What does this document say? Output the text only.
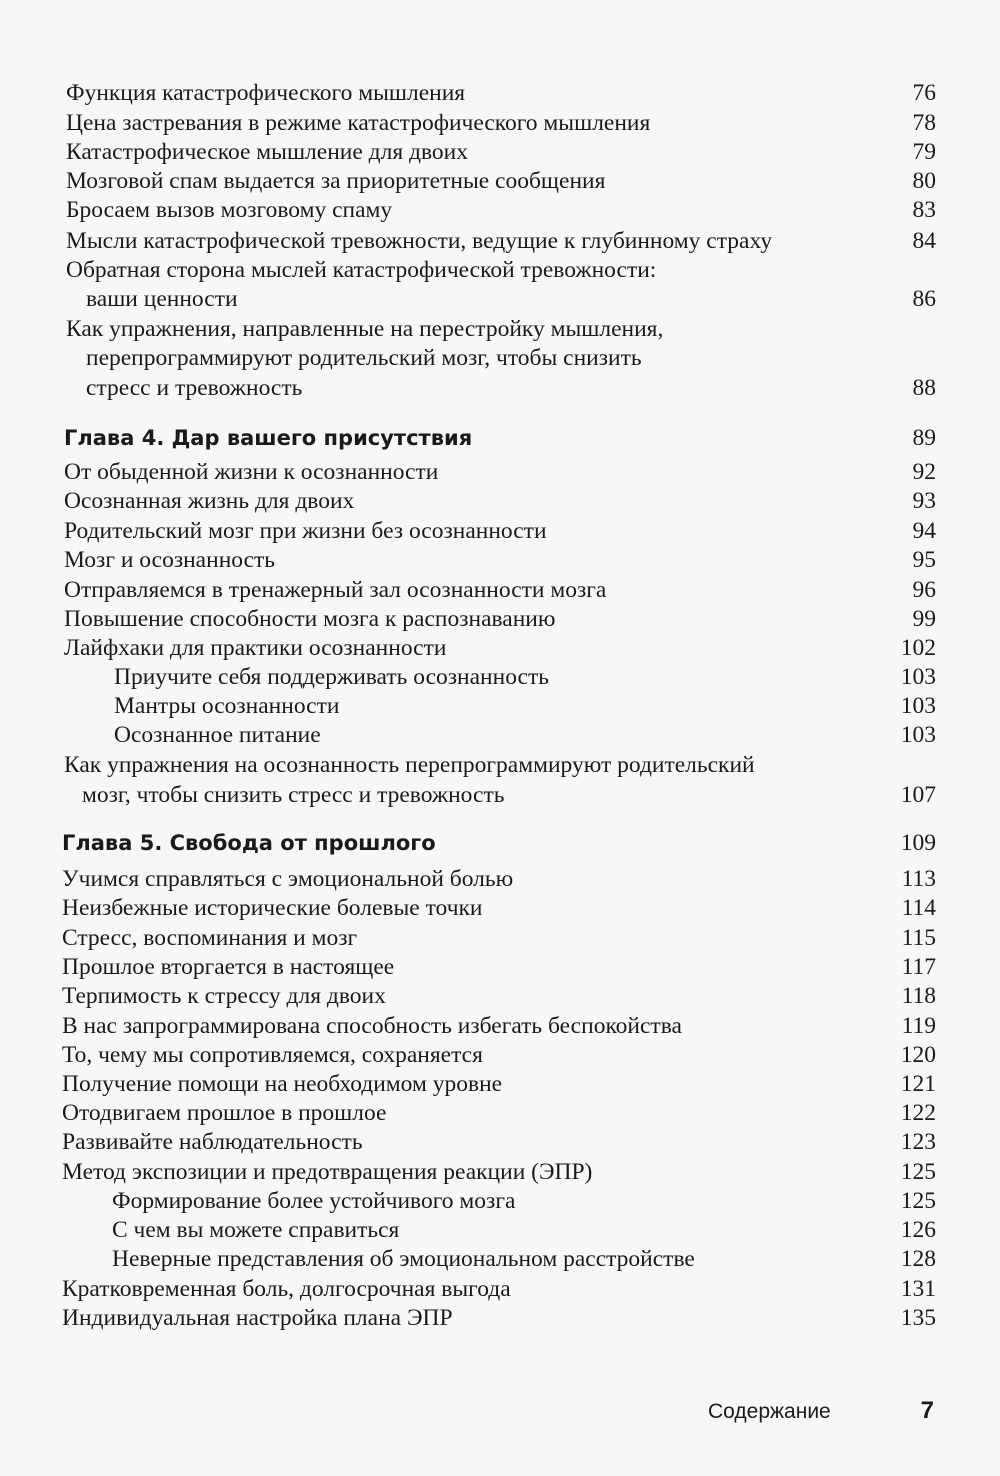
Функция катастрофического мышления	76
Цена застревания в режиме катастрофического мышления	78
Катастрофическое мышление для двоих	79
Мозговой спам выдается за приоритетные сообщения	80
Бросаем вызов мозговому спаму	83
Мысли катастрофической тревожности, ведущие к глубинному страху	84
Обратная сторона мыслей катастрофической тревожности:
ваши ценности	86
Как упражнения, направленные на перестройку мышления,
перепрограммируют родительский мозг, чтобы снизить
стресс и тревожность	88
Глава 4. Дар вашего присутствия	89
От обыденной жизни к осознанности	92
Осознанная жизнь для двоих	93
Родительский мозг при жизни без осознанности	94
Мозг и осознанность	95
Отправляемся в тренажерный зал осознанности мозга	96
Повышение способности мозга к распознаванию	99
Лайфхаки для практики осознанности	102
Приучите себя поддерживать осознанность	103
Мантры осознанности	103
Осознанное питание	103
Как упражнения на осознанность перепрограммируют родительский
мозг, чтобы снизить стресс и тревожность	107
Глава 5. Свобода от прошлого	109
Учимся справляться с эмоциональной болью	113
Неизбежные исторические болевые точки	114
Стресс, воспоминания и мозг	115
Прошлое вторгается в настоящее	117
Терпимость к стрессу для двоих	118
В нас запрограммирована способность избегать беспокойства	119
То, чему мы сопротивляемся, сохраняется	120
Получение помощи на необходимом уровне	121
Отодвигаем прошлое в прошлое	122
Развивайте наблюдательность	123
Метод экспозиции и предотвращения реакции (ЭПР)	125
Формирование более устойчивого мозга	125
С чем вы можете справиться	126
Неверные представления об эмоциональном расстройстве	128
Кратковременная боль, долгосрочная выгода	131
Индивидуальная настройка плана ЭПР	135
Содержание	7
